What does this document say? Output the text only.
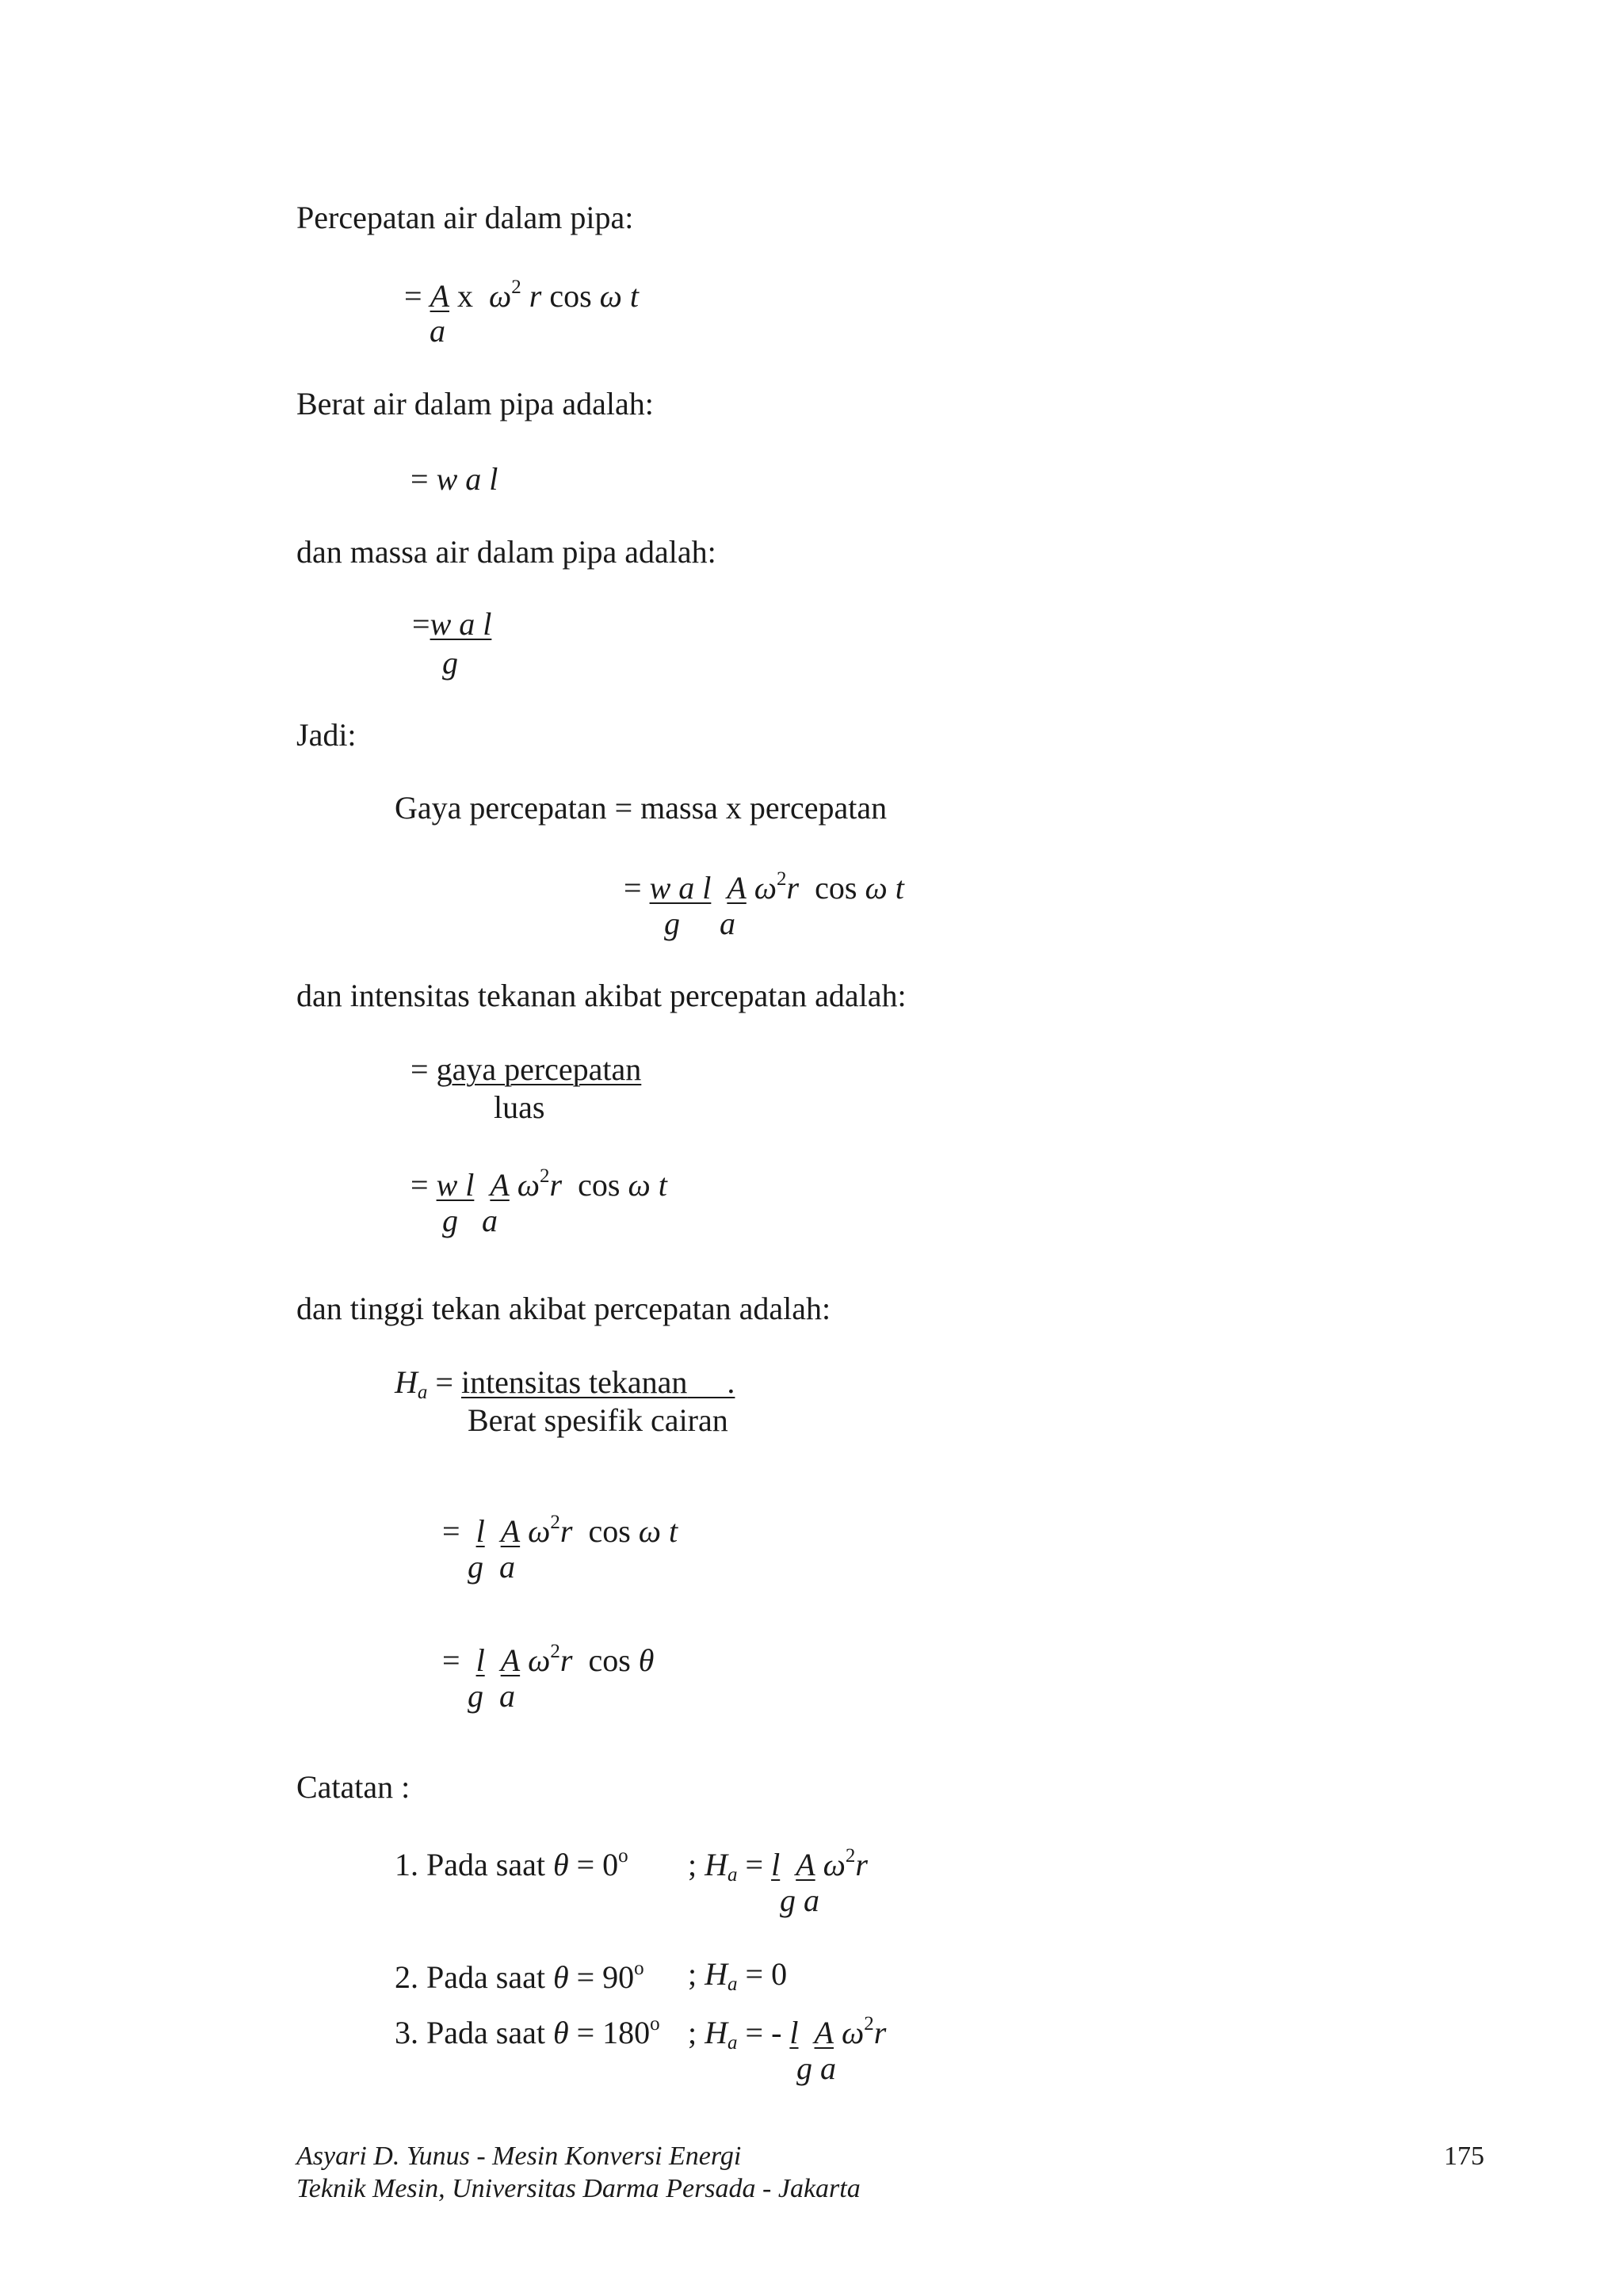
Percepatan air dalam pipa:
= A x  $\omega^2$ r cos ω t
a
Berat air dalam pipa adalah:
= w a l
dan massa air dalam pipa adalah:
=w a l
g
Jadi:
Gaya percepatan = massa x percepatan
= w a l A $\omega^2r$  cos ω t
g     a
dan intensitas tekanan akibat percepatan adalah:
= gaya percepatan
luas
= w l A $\omega^2r$  cos ω t
g   a
dan tinggi tekan akibat percepatan adalah:
$H_a$ = intensitas tekanan     .
Berat spesifik cairan
=  l A $\omega^2r$  cos ω t
g  a
=  l A $\omega^2r$  cos θ
g  a
Catatan :
1. Pada saat $\theta = 0^o$ ; $H_a = l$ A $\omega^2r$
g a
2. Pada saat $\theta = 90^o$ ; $H_a = 0$
3. Pada saat $\theta = 180^o$ ; $H_a$ = - l A $\omega^2r$
g a
Asyari D. Yunus - Mesin Konversi Energi
Teknik Mesin, Universitas Darma Persada - Jakarta
175
